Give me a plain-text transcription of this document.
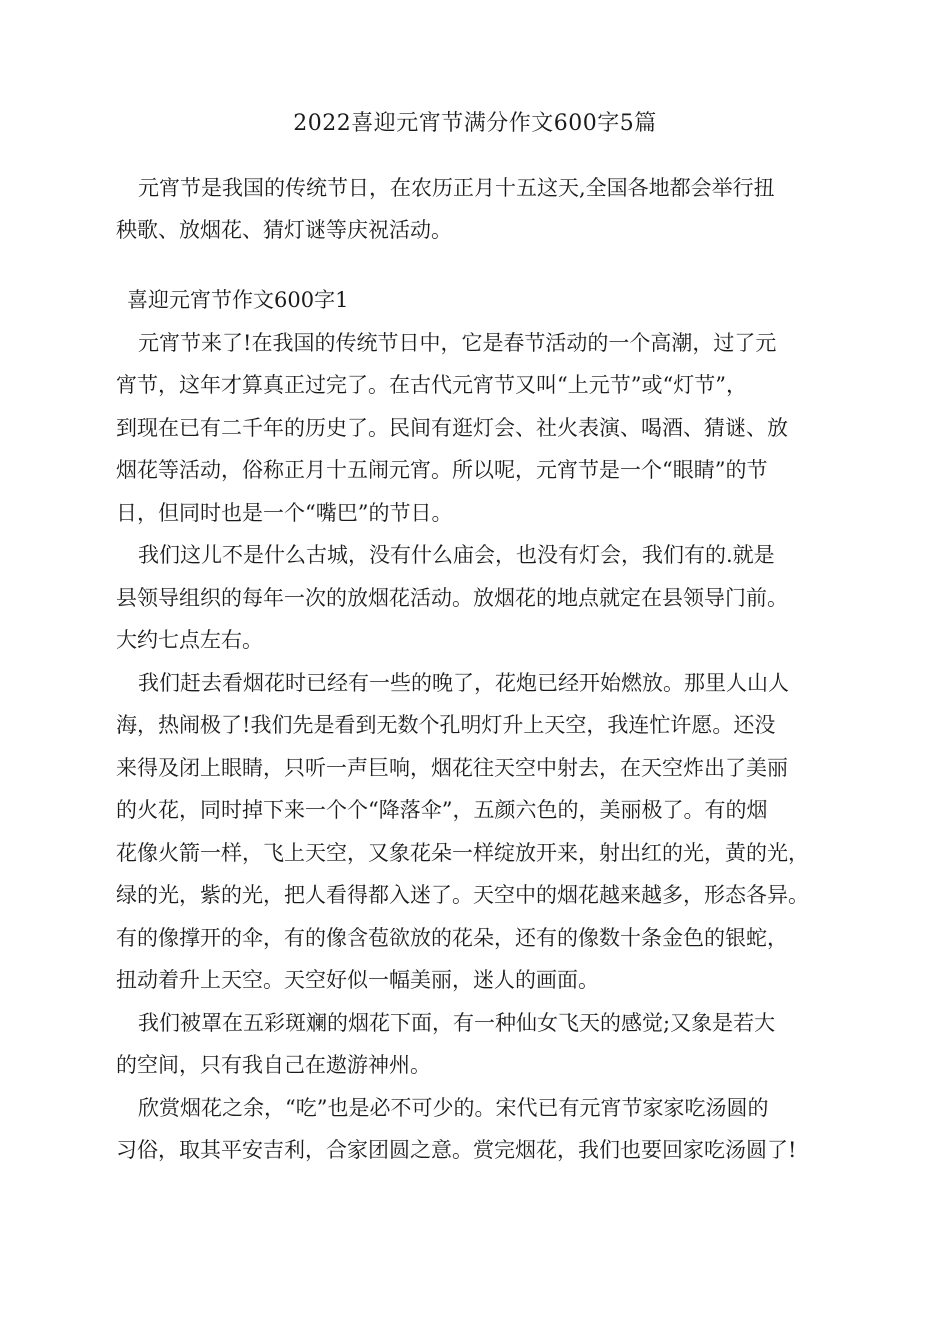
2022喜迎元宵节满分作文600字5篇
元宵节是我国的传统节日，在农历正月十五这天,全国各地都会举行扭
秧歌、放烟花、猜灯谜等庆祝活动。
喜迎元宵节作文600字1
元宵节来了!在我国的传统节日中，它是春节活动的一个高潮，过了元
宵节，这年才算真正过完了。在古代元宵节又叫“上元节”或“灯节”，
到现在已有二千年的历史了。民间有逛灯会、社火表演、喝酒、猜谜、放
烟花等活动，俗称正月十五闹元宵。所以呢，元宵节是一个“眼睛”的节
日，但同时也是一个“嘴巴”的节日。
我们这儿不是什么古城，没有什么庙会，也没有灯会，我们有的.就是
县领导组织的每年一次的放烟花活动。放烟花的地点就定在县领导门前。
大约七点左右。
我们赶去看烟花时已经有一些的晚了，花炮已经开始燃放。那里人山人
海，热闹极了!我们先是看到无数个孔明灯升上天空，我连忙许愿。还没
来得及闭上眼睛，只听一声巨响，烟花往天空中射去，在天空炸出了美丽
的火花，同时掉下来一个个“降落伞”，五颜六色的，美丽极了。有的烟
花像火箭一样，飞上天空，又象花朵一样绽放开来，射出红的光，黄的光，
绿的光，紫的光，把人看得都入迷了。天空中的烟花越来越多，形态各异。
有的像撑开的伞，有的像含苞欲放的花朵，还有的像数十条金色的银蛇，
扭动着升上天空。天空好似一幅美丽，迷人的画面。
我们被罩在五彩斑斓的烟花下面，有一种仙女飞天的感觉;又象是若大
的空间，只有我自己在遨游神州。
欣赏烟花之余，“吃”也是必不可少的。宋代已有元宵节家家吃汤圆的
习俗，取其平安吉利，合家团圆之意。赏完烟花，我们也要回家吃汤圆了!
